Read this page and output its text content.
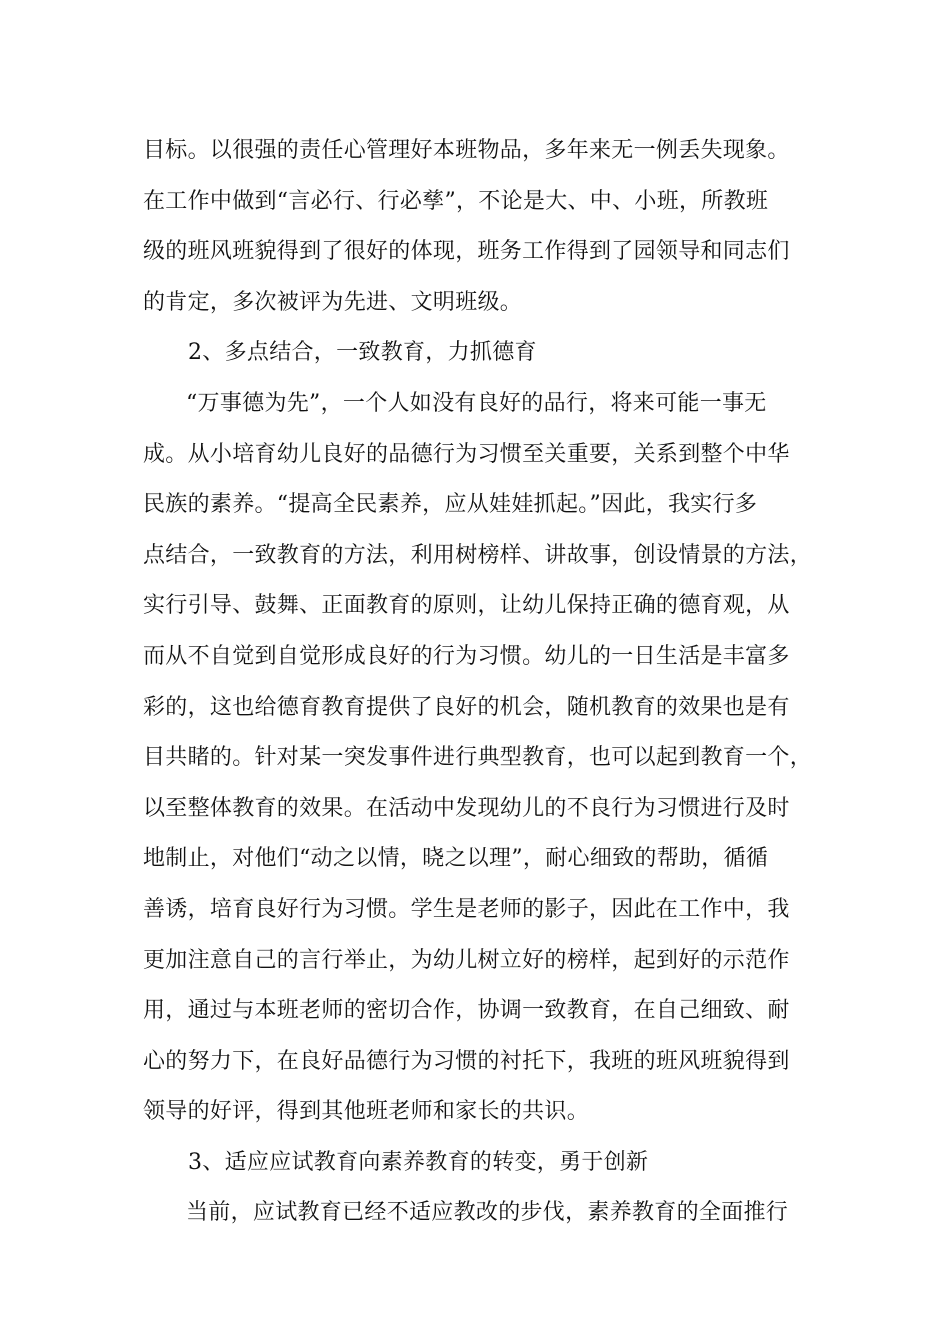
目标。以很强的责任心管理好本班物品，多年来无一例丢失现象。
在工作中做到“言必行、行必孳”，不论是大、中、小班，所教班
级的班风班貌得到了很好的体现，班务工作得到了园领导和同志们
的肯定，多次被评为先进、文明班级。
2、多点结合，一致教育，力抓德育
“万事德为先”，一个人如没有良好的品行，将来可能一事无
成。从小培育幼儿良好的品德行为习惯至关重要，关系到整个中华
民族的素养。“提高全民素养，应从娃娃抓起。”因此，我实行多
点结合，一致教育的方法，利用树榜样、讲故事，创设情景的方法，
实行引导、鼓舞、正面教育的原则，让幼儿保持正确的德育观，从
而从不自觉到自觉形成良好的行为习惯。幼儿的一日生活是丰富多
彩的，这也给德育教育提供了良好的机会，随机教育的效果也是有
目共睹的。针对某一突发事件进行典型教育，也可以起到教育一个，
以至整体教育的效果。在活动中发现幼儿的不良行为习惯进行及时
地制止，对他们“动之以情，晓之以理”，耐心细致的帮助，循循
善诱，培育良好行为习惯。学生是老师的影子，因此在工作中，我
更加注意自己的言行举止，为幼儿树立好的榜样，起到好的示范作
用，通过与本班老师的密切合作，协调一致教育，在自己细致、耐
心的努力下，在良好品德行为习惯的衬托下，我班的班风班貌得到
领导的好评，得到其他班老师和家长的共识。
3、适应应试教育向素养教育的转变，勇于创新
当前，应试教育已经不适应教改的步伐，素养教育的全面推行
